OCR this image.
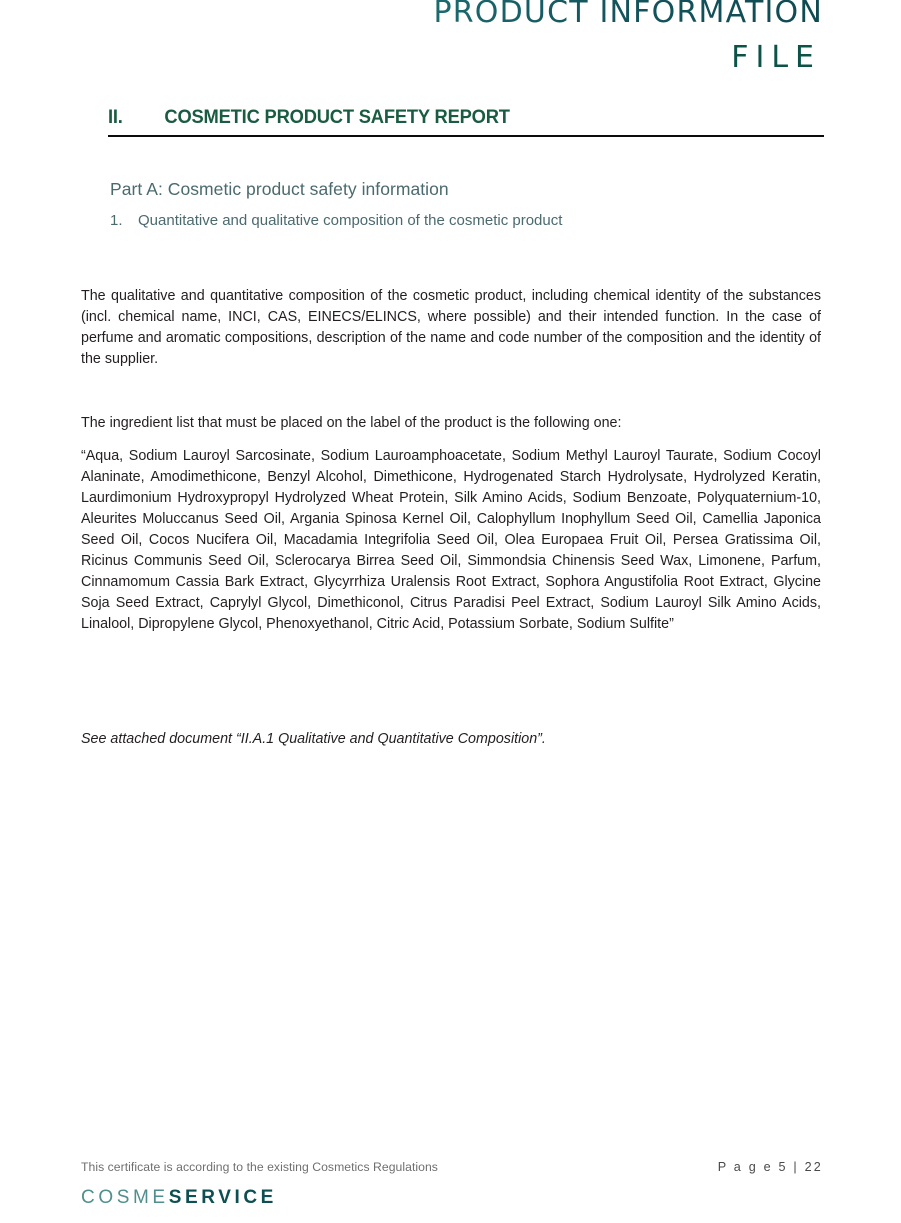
PRODUCT INFORMATION
FILE
II.	COSMETIC PRODUCT SAFETY REPORT
Part A: Cosmetic product safety information
1. Quantitative and qualitative composition of the cosmetic product

The qualitative and quantitative composition of the cosmetic product, including chemical identity of the substances (incl. chemical name, INCI, CAS, EINECS/ELINCS, where possible) and their intended function. In the case of perfume and aromatic compositions, description of the name and code number of the composition and the identity of the supplier.

The ingredient list that must be placed on the label of the product is the following one:

“Aqua, Sodium Lauroyl Sarcosinate, Sodium Lauroamphoacetate, Sodium Methyl Lauroyl Taurate, Sodium Cocoyl Alaninate, Amodimethicone, Benzyl Alcohol, Dimethicone, Hydrogenated Starch Hydrolysate, Hydrolyzed Keratin, Laurdimonium Hydroxypropyl Hydrolyzed Wheat Protein, Silk Amino Acids, Sodium Benzoate, Polyquaternium-10, Aleurites Moluccanus Seed Oil, Argania Spinosa Kernel Oil, Calophyllum Inophyllum Seed Oil, Camellia Japonica Seed Oil, Cocos Nucifera Oil, Macadamia Integrifolia Seed Oil, Olea Europaea Fruit Oil, Persea Gratissima Oil, Ricinus Communis Seed Oil, Sclerocarya Birrea Seed Oil, Simmondsia Chinensis Seed Wax, Limonene, Parfum, Cinnamomum Cassia Bark Extract, Glycyrrhiza Uralensis Root Extract, Sophora Angustifolia Root Extract, Glycine Soja Seed Extract, Caprylyl Glycol, Dimethiconol, Citrus Paradisi Peel Extract, Sodium Lauroyl Silk Amino Acids, Linalool, Dipropylene Glycol, Phenoxyethanol, Citric Acid, Potassium Sorbate, Sodium Sulfite”

See attached document “II.A.1 Qualitative and Quantitative Composition”.

This certificate is according to the existing Cosmetics Regulations	P a g e 5 | 22
COSMESERVICE
